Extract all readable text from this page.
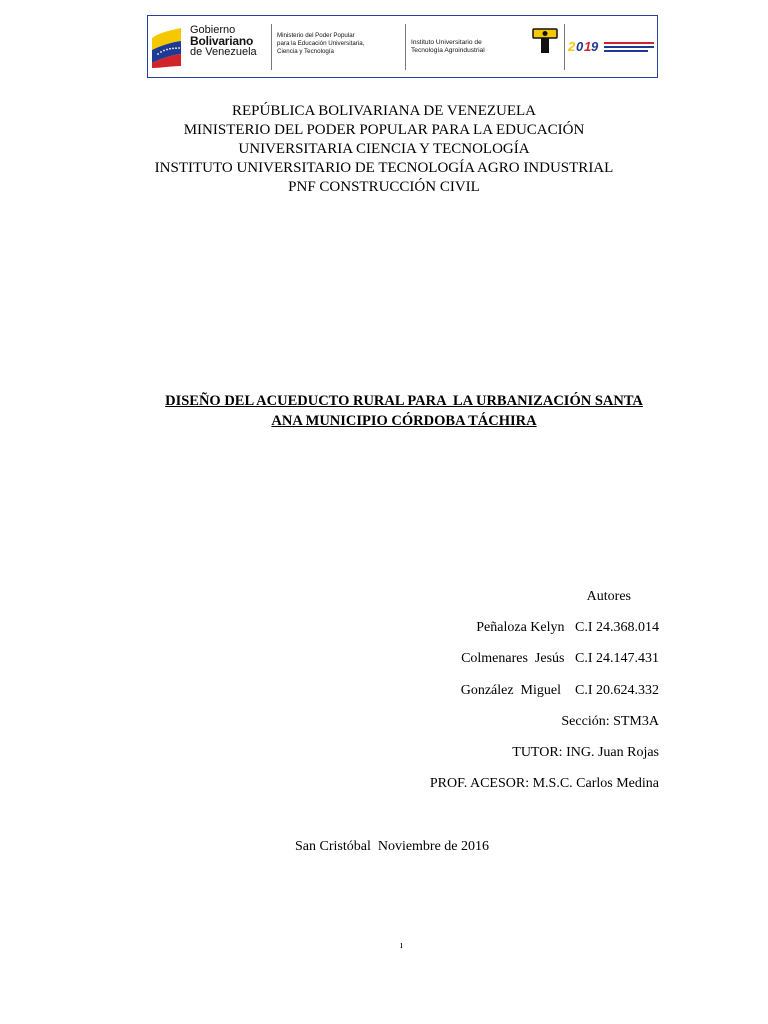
Gobierno
Bolivariano
de Venezuela
Ministerio del Poder Popular
para la Educación Universitaria,
Ciencia y Tecnología
Instituto Universitario de
Tecnología Agroindustrial	2 0 1 9
REPÚBLICA BOLIVARIANA DE VENEZUELA
MINISTERIO DEL PODER POPULAR PARA LA EDUCACIÓN
UNIVERSITARIA CIENCIA Y TECNOLOGÍA
INSTITUTO UNIVERSITARIO DE TECNOLOGÍA AGRO INDUSTRIAL
PNF CONSTRUCCIÓN CIVIL
DISEÑO DEL ACUEDUCTO RURAL PARA  LA URBANIZACIÓN SANTA
ANA MUNICIPIO CÓRDOBA TÁCHIRA
Autores
Peñaloza Kelyn   C.I 24.368.014
Colmenares  Jesús   C.I 24.147.431
González  Miguel    C.I 20.624.332
Sección: STM3A
TUTOR: ING. Juan Rojas
PROF. ACESOR: M.S.C. Carlos Medina
San Cristóbal  Noviembre de 2016
ı
